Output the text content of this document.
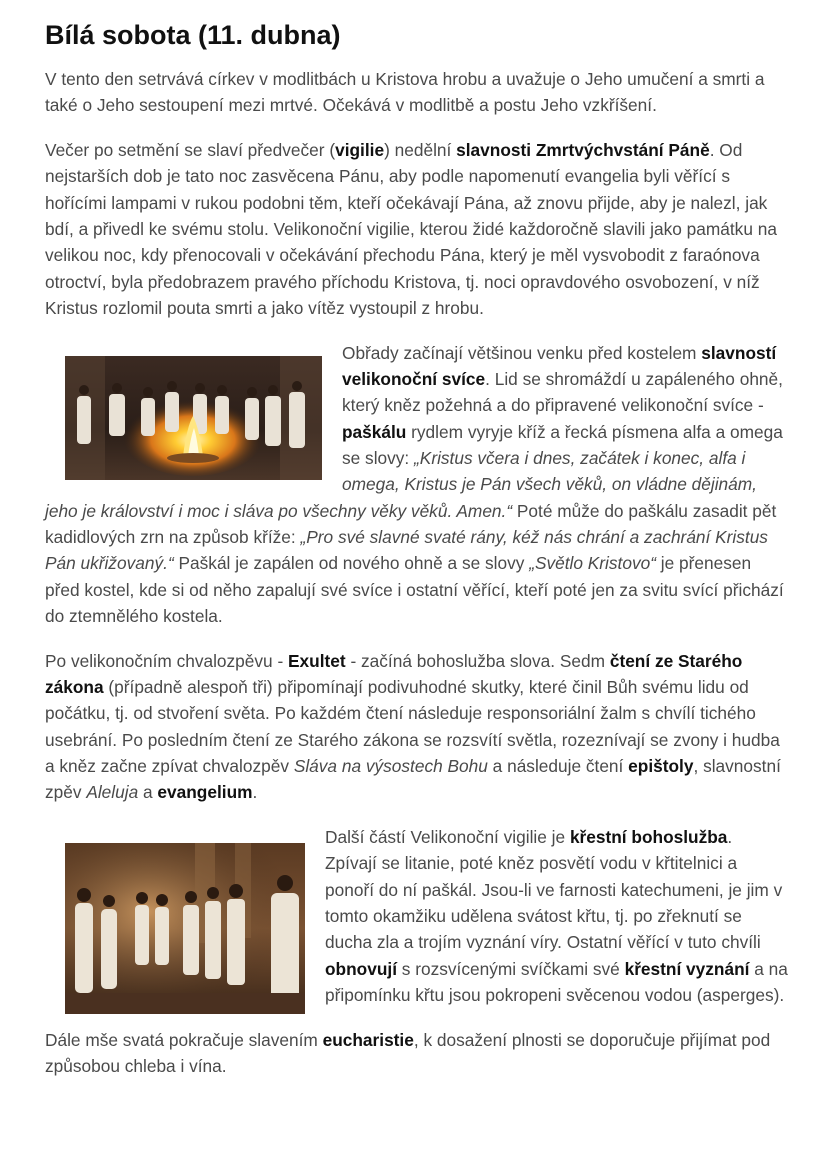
Bílá sobota (11. dubna)

V tento den setrvává církev v modlitbách u Kristova hrobu a uvažuje o Jeho umučení a smrti a také o Jeho sestoupení mezi mrtvé. Očekává v modlitbě a postu Jeho vzkříšení.

Večer po setmění se slaví předvečer (vigilie) nedělní slavnosti Zmrtvýchvstání Páně. Od nejstarších dob je tato noc zasvěcena Pánu, aby podle napomenutí evangelia byli věřící s hořícími lampami v rukou podobni těm, kteří očekávají Pána, až znovu přijde, aby je nalezl, jak bdí, a přivedl ke svému stolu. Velikonoční vigilie, kterou židé každoročně slavili jako památku na velikou noc, kdy přenocovali v očekávání přechodu Pána, který je měl vysvobodit z faraónova otroctví, byla předobrazem pravého příchodu Kristova, tj. noci opravdového osvobození, v níž Kristus rozlomil pouta smrti a jako vítěz vystoupil z hrobu.

Obřady začínají většinou venku před kostelem slavností velikonoční svíce. Lid se shromáždí u zapáleného ohně, který kněz požehná a do připravené velikonoční svíce - paškálu rydlem vyryje kříž a řecká písmena alfa a omega se slovy: „Kristus včera i dnes, začátek i konec, alfa i omega, Kristus je Pán všech věků, on vládne dějinám, jeho je království i moc i sláva po všechny věky věků. Amen.“ Poté může do paškálu zasadit pět kadidlových zrn na způsob kříže: „Pro své slavné svaté rány, kéž nás chrání a zachrání Kristus Pán ukřižovaný.“ Paškál je zapálen od nového ohně a se slovy „Světlo Kristovo“ je přenesen před kostel, kde si od něho zapalují své svíce i ostatní věřící, kteří poté jen za svitu svící přichází do ztemnělého kostela.

Po velikonočním chvalozpěvu - Exultet - začíná bohoslužba slova. Sedm čtení ze Starého zákona (případně alespoň tři) připomínají podivuhodné skutky, které činil Bůh svému lidu od počátku, tj. od stvoření světa. Po každém čtení následuje responsoriální žalm s chvílí tichého usebrání. Po posledním čtení ze Starého zákona se rozsvítí světla, rozeznívají se zvony i hudba a kněz začne zpívat chvalozpěv Sláva na výsostech Bohu a následuje čtení epištoly, slavnostní zpěv Aleluja a evangelium.

Další částí Velikonoční vigilie je křestní bohoslužba. Zpívají se litanie, poté kněz posvětí vodu v křtitelnici a ponoří do ní paškál. Jsou-li ve farnosti katechumeni, je jim v tomto okamžiku udělena svátost křtu, tj. po zřeknutí se ducha zla a trojím vyznání víry. Ostatní věřící v tuto chvíli obnovují s rozsvícenými svíčkami své křestní vyznání a na připomínku křtu jsou pokropeni svěcenou vodou (asperges).

Dále mše svatá pokračuje slavením eucharistie, k dosažení plnosti se doporučuje přijímat pod způsobou chleba i vína.
